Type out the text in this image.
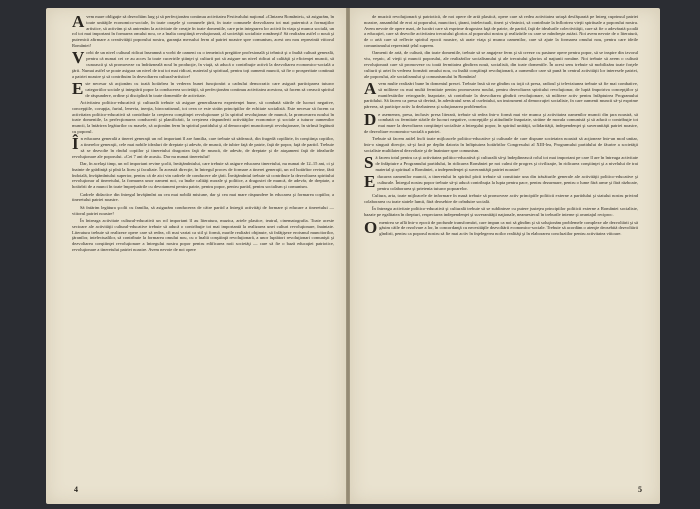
Avem mare obligaţie să dezvoltăm larg şi să perfecţionăm continuu activitatea Festivalului naţional «Cîntarea României», să asigurăm, în toate unităţile economico-sociale, în toate oraşele şi comunele ţării, în toate comunele dezvoltarea tot mai puternică a formaţiilor artistice, să activăm şi să antrenăm la activitate de creaţie în toate domeniile, care prin integrarea lor activă în viaţa şi munca socială, un rol tot mai important în formarea omului nou, ce a înalta conştiinţă revoluţionară, al societăţii socialiste româneşti! Să realizăm astfel o nouă şi puternică afirmare a creativităţii poporului nostru, garanţia mersului ferm al patriei noastre spre comunism, acest om nou reprezintă viitorul României!

Vorbi de un nivel cultural ridicat înseamnă a vorbi de oameni cu o temeinică pregătire profesională şi tehnică şi o înaltă cultură generală, pentru că numai cei ce au acces la toate cuceririle ştiinţei şi culturii pot să asigure un nivel ridicat al calităţii şi eficienţei muncii, să cunoască şi să promoveze cu îndrăzneală noul în producţie, în viaţă, să aducă o contribuţie activă la dezvoltarea economico-socială a ţării. Numai astfel se poate asigura un nivel de trai tot mai ridicat, material şi spiritual, pentru toţi oamenii muncii, să fie o prosperitate continuă a patriei noastre şi să contribuim la dezvoltarea cultural-artistice!

Este necesar să acţionăm cu toată hotărîrea în vederea bunei funcţionări a cadrului democratic care asigură participarea tuturor categoriilor sociale şi integrării popor la conducerea societăţii, să perfecţionăm continuu activitatea acestora, să facem să crească spiritul de răspundere, ordine şi disciplină în toate domeniile de activitate.

Activitatea politico-educativă şi culturală trebuie să asigure generalizarea experienţei bune, să combată stările de lucruri negative, concepţiile, corupţia, furtul, lenevia, inerţia, birocratismul, tot ceea ce este străin principiilor de echitate socialistă. Este necesar să facem ca activitatea politico-educativă să contribuie la creşterea conştiinţei revoluţionare şi la spiritul revoluţionar de muncă, la promovarea noului în toate domeniile, la perfecţionarea conducerii şi planificării, la creşterea răspunderii activităţilor economice şi sociale a tuturor oamenilor muncii, la întărirea legăturilor cu masele, să acţionăm ferm în spiritul partidului şi al democraţiei muncitoreşti revoluţionare, în strînsă legătură cu poporul.

În educarea generală a tinerei generaţii un rol important îl are familia, care trebuie să sădească, din fragedă copilărie, în conştiinţa copiilor, a tinerelor generaţii, cele mai nobile idealuri de dreptate şi adevăr, de muncă, de iubire faţă de patrie, faţă de popor, faţă de partid. Trebuie să se dezvolte în rîndul copiilor şi tineretului dragostea faţă de muncă, de adevăr, de dreptate şi de ataşament faţă de idealurile revoluţionare ale poporului. «Cei 7 ani de acasă». Dar nu numai tineretului!

Dar, în acelaşi timp, un rol important revine şcolii, învăţămîntului, care trebuie să asigure educarea tineretului, nu numai de 12–15 ani, ci şi înainte de grădiniţă şi pînă la liceu şi facultate. În această direcţie, în întregul proces de formare a tinerei generaţii, un rol hotărîtor revine, fără îndoială, învăţămîntului superior, pentru că de aici vin cadrele de conducere ale ţării. Învăţămîntul trebuie să contribuie la dezvoltarea spiritului revoluţionar al tineretului, la formarea unor oameni noi, cu înalte calităţi morale şi politice, a dragostei de muncă, de adevăr, de dreptate, a hotărîrii de a munci în toate împrejurările cu devotament pentru patrie, pentru popor, pentru partid, pentru socialism şi comunism.

Cadrele didactice din întregul învăţămînt au cea mai nobilă misiune, dar şi cea mai mare răspundere în educarea şi formarea copiilor, a tineretului patriei noastre.

Să întărim legătura şcolii cu familia, să asigurăm conducerea de către partid a întregii activităţi de formare şi educare a tineretului — viitorul patriei noastre!

În întreaga activitate cultural-educativă un rol important îl au literatura, muzica, artele plastice, teatrul, cinematografia. Toate aceste sectoare ale activităţii cultural-educative trebuie să aducă o contribuţie tot mai importantă la realizarea unei culturi revoluţionare, înaintate. Literatura trebuie să realizeze opere care să redea, cît mai variat ca stil şi formă, marile realizări obţinute, să înfăţişeze eroismul muncitorilor, ţăranilor, intelectualilor, să contribuie la formarea omului nou, cu o înaltă conştiinţă revoluţionară, a unor luptători revoluţionari comunişti şi dezvoltarea conştiinţei revoluţionare a întregului nostru popor pentru edificarea noii societăţi — care să fie o bază educaţiei patriotice, revoluţionare a tineretului patriei noastre. Avem nevoie de noi opere

4

de muzică revoluţionară şi patriotică, de noi opere de artă plastică, opere care să redea activitatea uriaşă desfăşurată pe întreg cuprinsul patriei noastre, ansamblul de eroi ai poporului, muncitori, ţărani, intelectuali, tineri şi vîrstnici, să contribuie la înflorirea vieţii spirituale a poporului nostru. Avem nevoie de opere mari, de lucrări care să exprime dragostea faţă de patrie, de partid, faţă de idealurile colectivităţii, care să fie o adevărată şcoală a educaţiei, care să dezvolte activitatea trecutului glorios al poporului nostru şi realizările cu care se mîndreşte astăzi. Noi avem nevoie de o literatură, de o artă care să reflecte spiritul epocii noastre, să arate viaţa şi munca oamenilor, care să ajute la formarea omului nou, pentru care ideile comunismului reprezintă ţelul suprem.

Oamenii de artă, de cultură, din toate domeniile, trebuie să se angajeze ferm şi să creeze cu pasiune opere pentru popor, să se inspire din izvorul viu, veşnic, al vieţii şi muncii poporului, ale realizărilor socialismului şi ale trecutului glorios al naţiunii române. Noi trebuie să avem o cultură revoluţionară care să promoveze cu toată fermitatea gîndirea nouă, socialistă, din toate domeniile. În acest sens trebuie să mobilizăm toate forţele culturii şi artei în vederea formării omului nou, cu înaltă conştiinţă revoluţionară, a oamenilor care să pună în centrul activităţii lor interesele patriei, ale poporului, ale socialismului şi comunismului în România!

Avem multe realizări bune în domeniul presei. Trebuie însă să ne gîndim cu toţii că presa, radioul şi televiziunea trebuie să fie mai combative, să militeze cu mai multă fermitate pentru promovarea noului, pentru dezvoltarea spiritului revoluţionar, de luptă împotriva concepţiilor şi manifestărilor retrograde, înapoiate, să contribuie la dezvoltarea gîndirii revoluţionare, să militeze activ pentru înfăptuirea Programului partidului. Să facem ca presa să devină, în adevăratul sens al cuvîntului, un instrument al democraţiei socialiste, în care oamenii muncii să-şi exprime părerea, să participe activ la dezbaterea şi soluţionarea problemelor.

De asemenea, presa, inclusiv presa literară, trebuie să redea într-o formă mai vie munca şi activitatea oamenilor muncii din ţara noastră, să combată cu fermitate stările de lucruri negative, concepţiile şi atitudinile înapoiate, străine de morala comunistă şi să aducă o contribuţie tot mai mare la dezvoltarea conştiinţei socialiste a întregului popor, în spiritul unităţii, solidarităţii, independenţei şi suveranităţii patriei noastre, de dezvoltare economico-socială a patriei.

Trebuie să facem astfel încît toate mijloacele politico-educative şi culturale de care dispune societatea noastră să acţioneze într-un mod unitar, într-o singură direcţie, să-şi facă pe deplin datoria în înfăptuirea hotărîrilor Congresului al XIII-lea, Programului partidului de făurire a societăţii socialiste multilateral dezvoltate şi de înaintare spre comunism.

Să facem totul pentru ca şi activitatea politico-educativă şi culturală să-şi îndeplinească rolul tot mai important pe care îl are în întreaga activitate de înfăptuire a Programului partidului, în ridicarea României pe noi culmi de progres şi civilizaţie, în ridicarea conştiinţei şi a nivelului de trai material şi spiritual a României, a independenţei şi suveranităţii patriei noastre!

Educarea oamenilor muncii, a tineretului în spiritul păcii trebuie să constituie una din trăsăturile generale ale activităţii politico-educative şi culturale. Întregul nostru popor trebuie să-şi aducă contribuţia la lupta pentru pace, pentru dezarmare, pentru o lume fără arme şi fără războaie, pentru colaborarea şi prietenia tuturor popoarelor.

Cultura, arta, toate mijloacele de informare în masă trebuie să promoveze activ principiile politicii externe a partidului şi statului nostru privind colaborarea cu toate statele lumii, fără deosebire de orînduire socială.

În întreaga activitate politico-educativă şi culturală trebuie să se sublinieze cu putere justeţea principiilor politicii externe a României socialiste, bazate pe egalitatea în drepturi, respectarea independenţei şi suveranităţii naţionale, neamestecul în treburile interne şi avantajul reciproc.

Omenirea se află într-o epocă de profunde transformări, care impun ca noi să gîndim şi să soluţionăm problemele complexe ale dezvoltării şi să găsim căile de rezolvare a lor, în concordanţă cu necesităţile dezvoltării economico-sociale. Trebuie să acordăm o atenţie deosebită dezvoltării gîndirii, pentru ca poporul nostru să fie mai activ în înţelegerea noilor realităţi şi în elaborarea concluziilor pentru activitatea viitoare.

5
